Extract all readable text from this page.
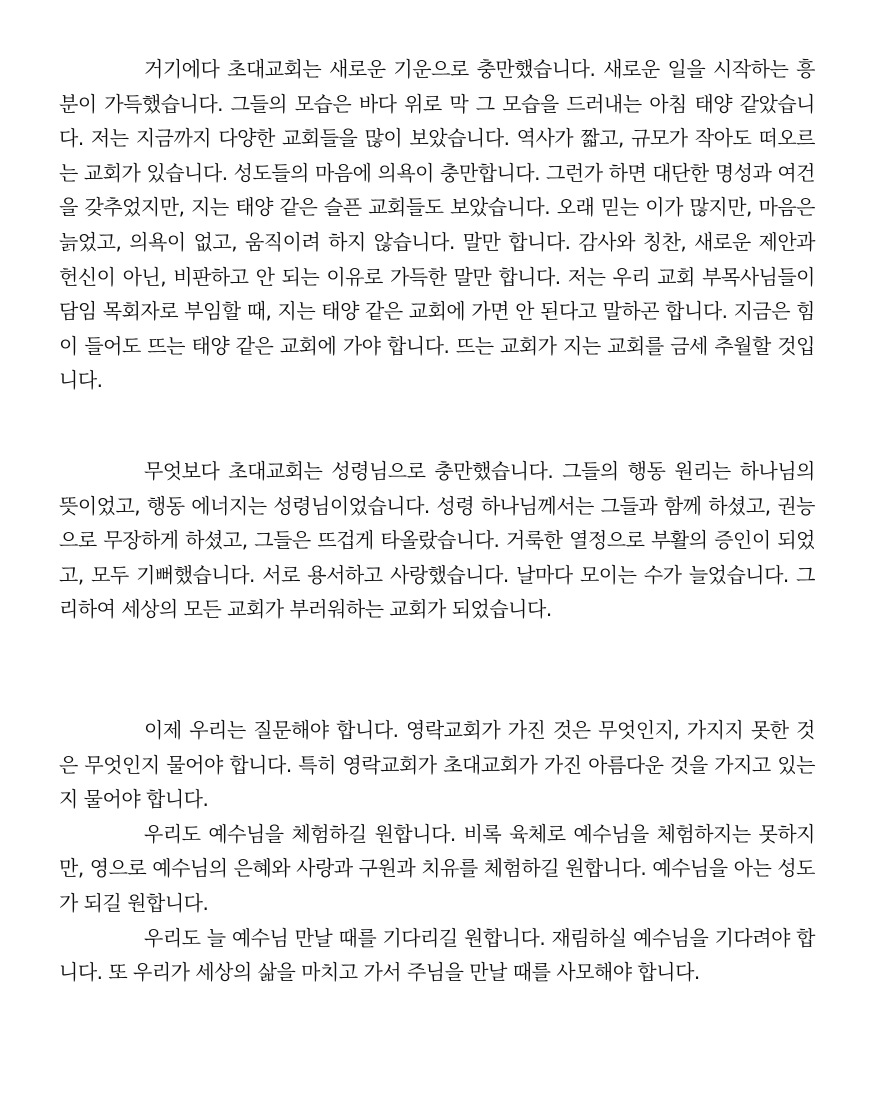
거기에다 초대교회는 새로운 기운으로 충만했습니다. 새로운 일을 시작하는 흥분이 가득했습니다. 그들의 모습은 바다 위로 막 그 모습을 드러내는 아침 태양 같았습니다. 저는 지금까지 다양한 교회들을 많이 보았습니다. 역사가 짧고, 규모가 작아도 떠오르는 교회가 있습니다. 성도들의 마음에 의욕이 충만합니다. 그런가 하면 대단한 명성과 여건을 갖추었지만, 지는 태양 같은 슬픈 교회들도 보았습니다. 오래 믿는 이가 많지만, 마음은 늙었고, 의욕이 없고, 움직이려 하지 않습니다. 말만 합니다. 감사와 칭찬, 새로운 제안과 헌신이 아닌, 비판하고 안 되는 이유로 가득한 말만 합니다. 저는 우리 교회 부목사님들이 담임 목회자로 부임할 때, 지는 태양 같은 교회에 가면 안 된다고 말하곤 합니다. 지금은 힘이 들어도 뜨는 태양 같은 교회에 가야 합니다. 뜨는 교회가 지는 교회를 금세 추월할 것입니다.

무엇보다 초대교회는 성령님으로 충만했습니다. 그들의 행동 원리는 하나님의 뜻이었고, 행동 에너지는 성령님이었습니다. 성령 하나님께서는 그들과 함께 하셨고, 권능으로 무장하게 하셨고, 그들은 뜨겁게 타올랐습니다. 거룩한 열정으로 부활의 증인이 되었고, 모두 기뻐했습니다. 서로 용서하고 사랑했습니다. 날마다 모이는 수가 늘었습니다. 그리하여 세상의 모든 교회가 부러워하는 교회가 되었습니다.

이제 우리는 질문해야 합니다. 영락교회가 가진 것은 무엇인지, 가지지 못한 것은 무엇인지 물어야 합니다. 특히 영락교회가 초대교회가 가진 아름다운 것을 가지고 있는지 물어야 합니다.

우리도 예수님을 체험하길 원합니다. 비록 육체로 예수님을 체험하지는 못하지만, 영으로 예수님의 은혜와 사랑과 구원과 치유를 체험하길 원합니다. 예수님을 아는 성도가 되길 원합니다.

우리도 늘 예수님 만날 때를 기다리길 원합니다. 재림하실 예수님을 기다려야 합니다. 또 우리가 세상의 삶을 마치고 가서 주님을 만날 때를 사모해야 합니다.
